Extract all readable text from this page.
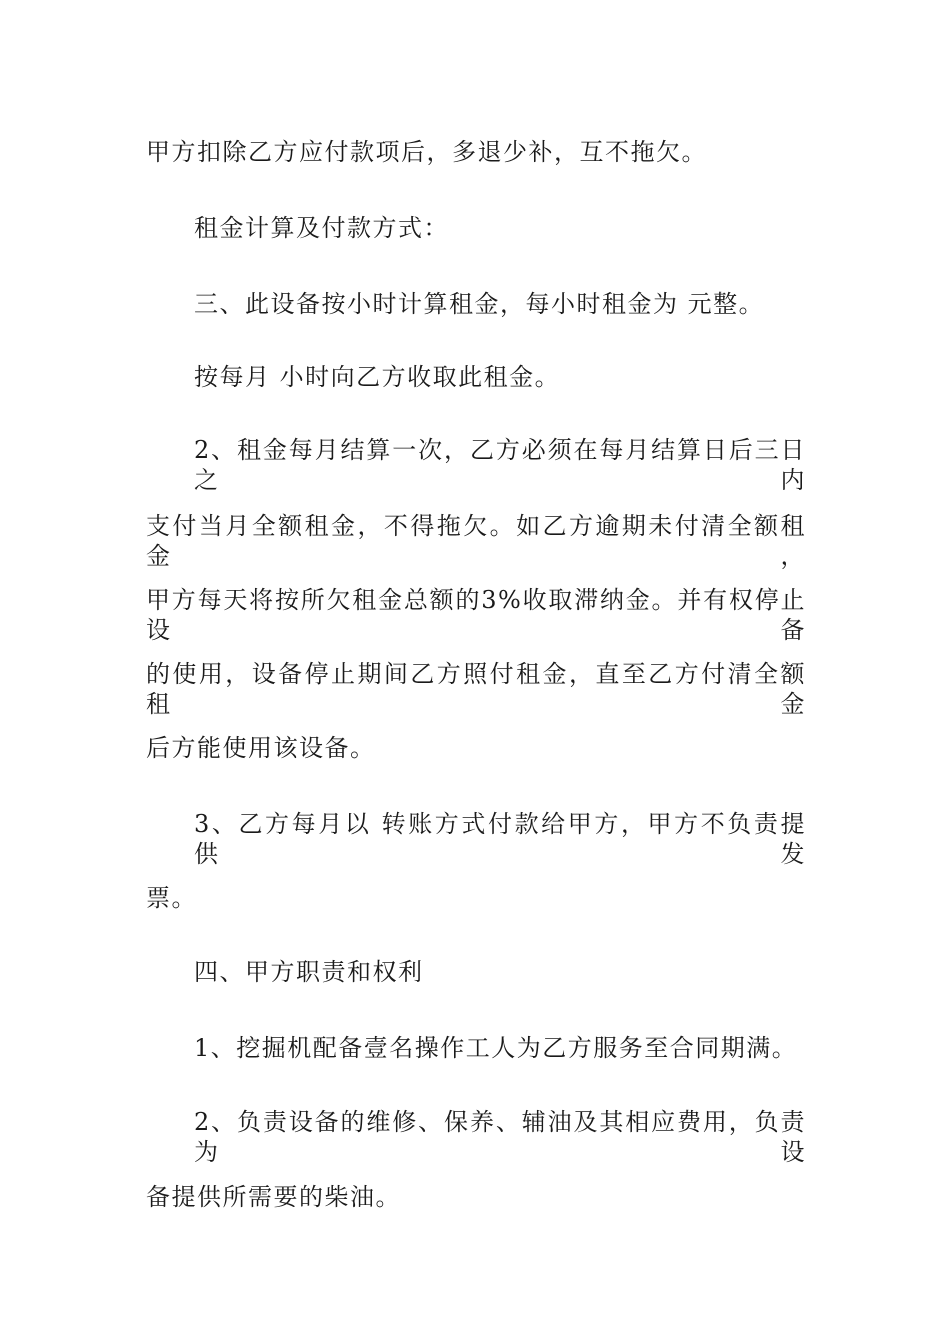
甲方扣除乙方应付款项后，多退少补，互不拖欠。
租金计算及付款方式：
三、此设备按小时计算租金，每小时租金为 元整。
按每月 小时向乙方收取此租金。
2、租金每月结算一次，乙方必须在每月结算日后三日之内
支付当月全额租金，不得拖欠。如乙方逾期未付清全额租金，
甲方每天将按所欠租金总额的3%收取滞纳金。并有权停止设备
的使用，设备停止期间乙方照付租金，直至乙方付清全额租金
后方能使用该设备。
3、乙方每月以 转账方式付款给甲方，甲方不负责提供发
票。
四、甲方职责和权利
1、挖掘机配备壹名操作工人为乙方服务至合同期满。
2、负责设备的维修、保养、辅油及其相应费用，负责为设
备提供所需要的柴油。
